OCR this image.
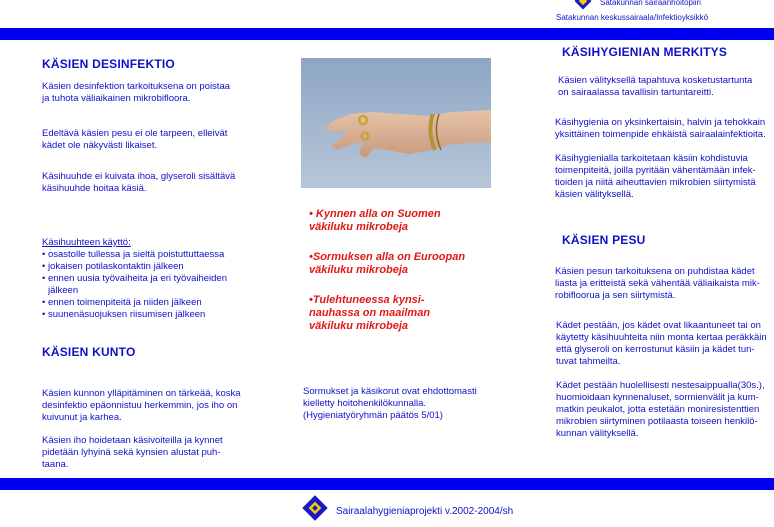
Satakunnan sairaanhoitopiiri
Satakunnan keskussairaala/Infektioyksikkö
KÄSIEN DESINFEKTIO
Käsien desinfektion tarkoituksena on poistaa
ja tuhota väliaikainen mikrobifloora.
Edeltävä käsien pesu ei ole tarpeen, elleivät
kädet ole näkyvästi likaiset.
Käsihuuhde ei kuivata ihoa, glyseroli sisältävä
käsihuuhde hoitaa käsiä.
Käsihuuhteen käyttö:
• osastolle tullessa ja sieltä poistuttuttaessa
• jokaisen potilaskontaktin jälkeen
• ennen uusia työvaiheita ja eri työvaiheiden
jälkeen
• ennen toimenpiteitä ja niiden jälkeen
• suunenäsuojuksen riisumisen jälkeen
KÄSIEN KUNTO
Käsien kunnon ylläpitäminen on tärkeää, koska
desinfektio epäonnistuu herkemmin, jos iho on
kuivunut ja karhea.
Käsien iho hoidetaan käsivoiteilla ja kynnet
pidetään lyhyinä sekä kynsien alustat puh-
taana.
• Kynnen alla on Suomen
väkiluku mikrobeja
•Sormuksen alla on Euroopan
väkiluku mikrobeja
•Tulehtuneessa kynsi-
nauhassa on maailman
väkiluku mikrobeja
Sormukset ja käsikorut ovat ehdottomasti
kielletty hoitohenkilökunnalla.
(Hygieniatyöryhmän päätös 5/01)
KÄSIHYGIENIAN MERKITYS
Käsien välityksellä tapahtuva kosketustartunta
on sairaalassa tavallisin tartuntareitti.
Käsihygienia on yksinkertaisin, halvin ja tehokkain
yksittäinen toimenpide ehkäistä sairaalainfektioita.
Käsihygienialla tarkoitetaan käsiin kohdistuvia
toimenpiteitä, joilla pyritään vähentämään infek-
tioiden ja niitä aiheuttavien mikrobien siirtymistä
käsien välityksellä.
KÄSIEN PESU
Käsien pesun tarkoituksena on puhdistaa kädet
liasta ja eritteistä sekä vähentää väliaikaista mik-
robifloorua ja sen siirtymistä.
Kädet pestään, jos kädet ovat likaantuneet tai on
käytetty käsihuuhteita niin monta kertaa peräkkäin
että glyseroli on kerrostunut käsiin ja kädet tun-
tuvat tahmeilta.
Kädet pestään huolellisesti nestesaippualla(30s.),
huomioidaan kynnenaluset, sormienvälit ja kum-
matkin peukalot, jotta estetään moniresistenttien
mikrobien siirtyminen potilaasta toiseen henkilö-
kunnan välityksellä.
Sairaalahygieniaprojekti v.2002-2004/sh
